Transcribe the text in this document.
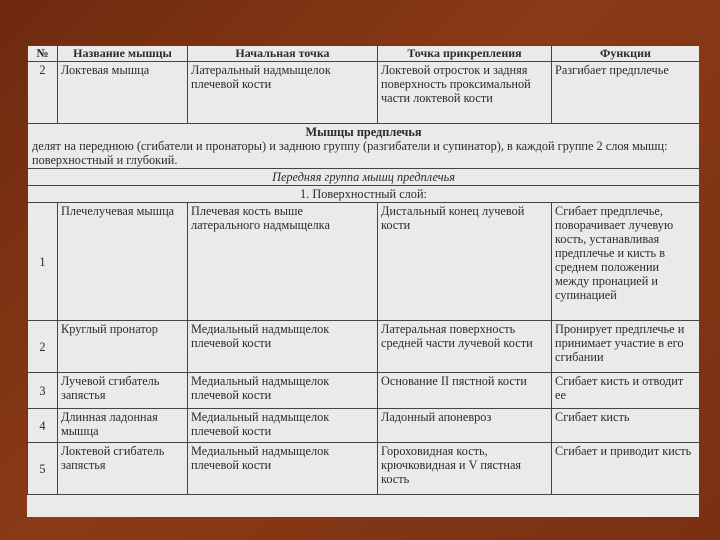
№	Название мышцы	Начальная точка	Точка прикрепления	Функции
2	Локтевая мышца	Латеральный надмыщелок плечевой кости	Локтевой отросток и задняя поверхность проксимальной части локтевой кости	Разгибает предплечье

Мышцы предплечья
делят на переднюю (сгибатели и пронаторы) и заднюю группу (разгибатели и супинатор), в каждой группе 2 слоя мышц: поверхностный и глубокий.				

Передняя группа мышц предплечья				
1. Поверхностный слой:				
1	Плечелучевая мышца	Плечевая кость выше латерального надмыщелка	Дистальный конец лучевой кости	Сгибает предплечье, поворачивает лучевую кость, устанавливая предплечье и кисть в среднем положении между пронацией и супинацией
2	Круглый пронатор	Медиальный надмыщелок плечевой кости	Латеральная поверхность средней части лучевой кости	Пронирует предплечье и принимает участие в его сгибании
3	Лучевой сгибатель запястья	Медиальный надмыщелок плечевой кости	Основание II пястной кости	Сгибает кисть и отводит ее
4	Длинная ладонная мышца	Медиальный надмыщелок плечевой кости	Ладонный апоневроз	Сгибает кисть
5	Локтевой сгибатель запястья	Медиальный надмыщелок плечевой кости	Гороховидная кость, крючковидная и V пястная кость	Сгибает и приводит кисть
